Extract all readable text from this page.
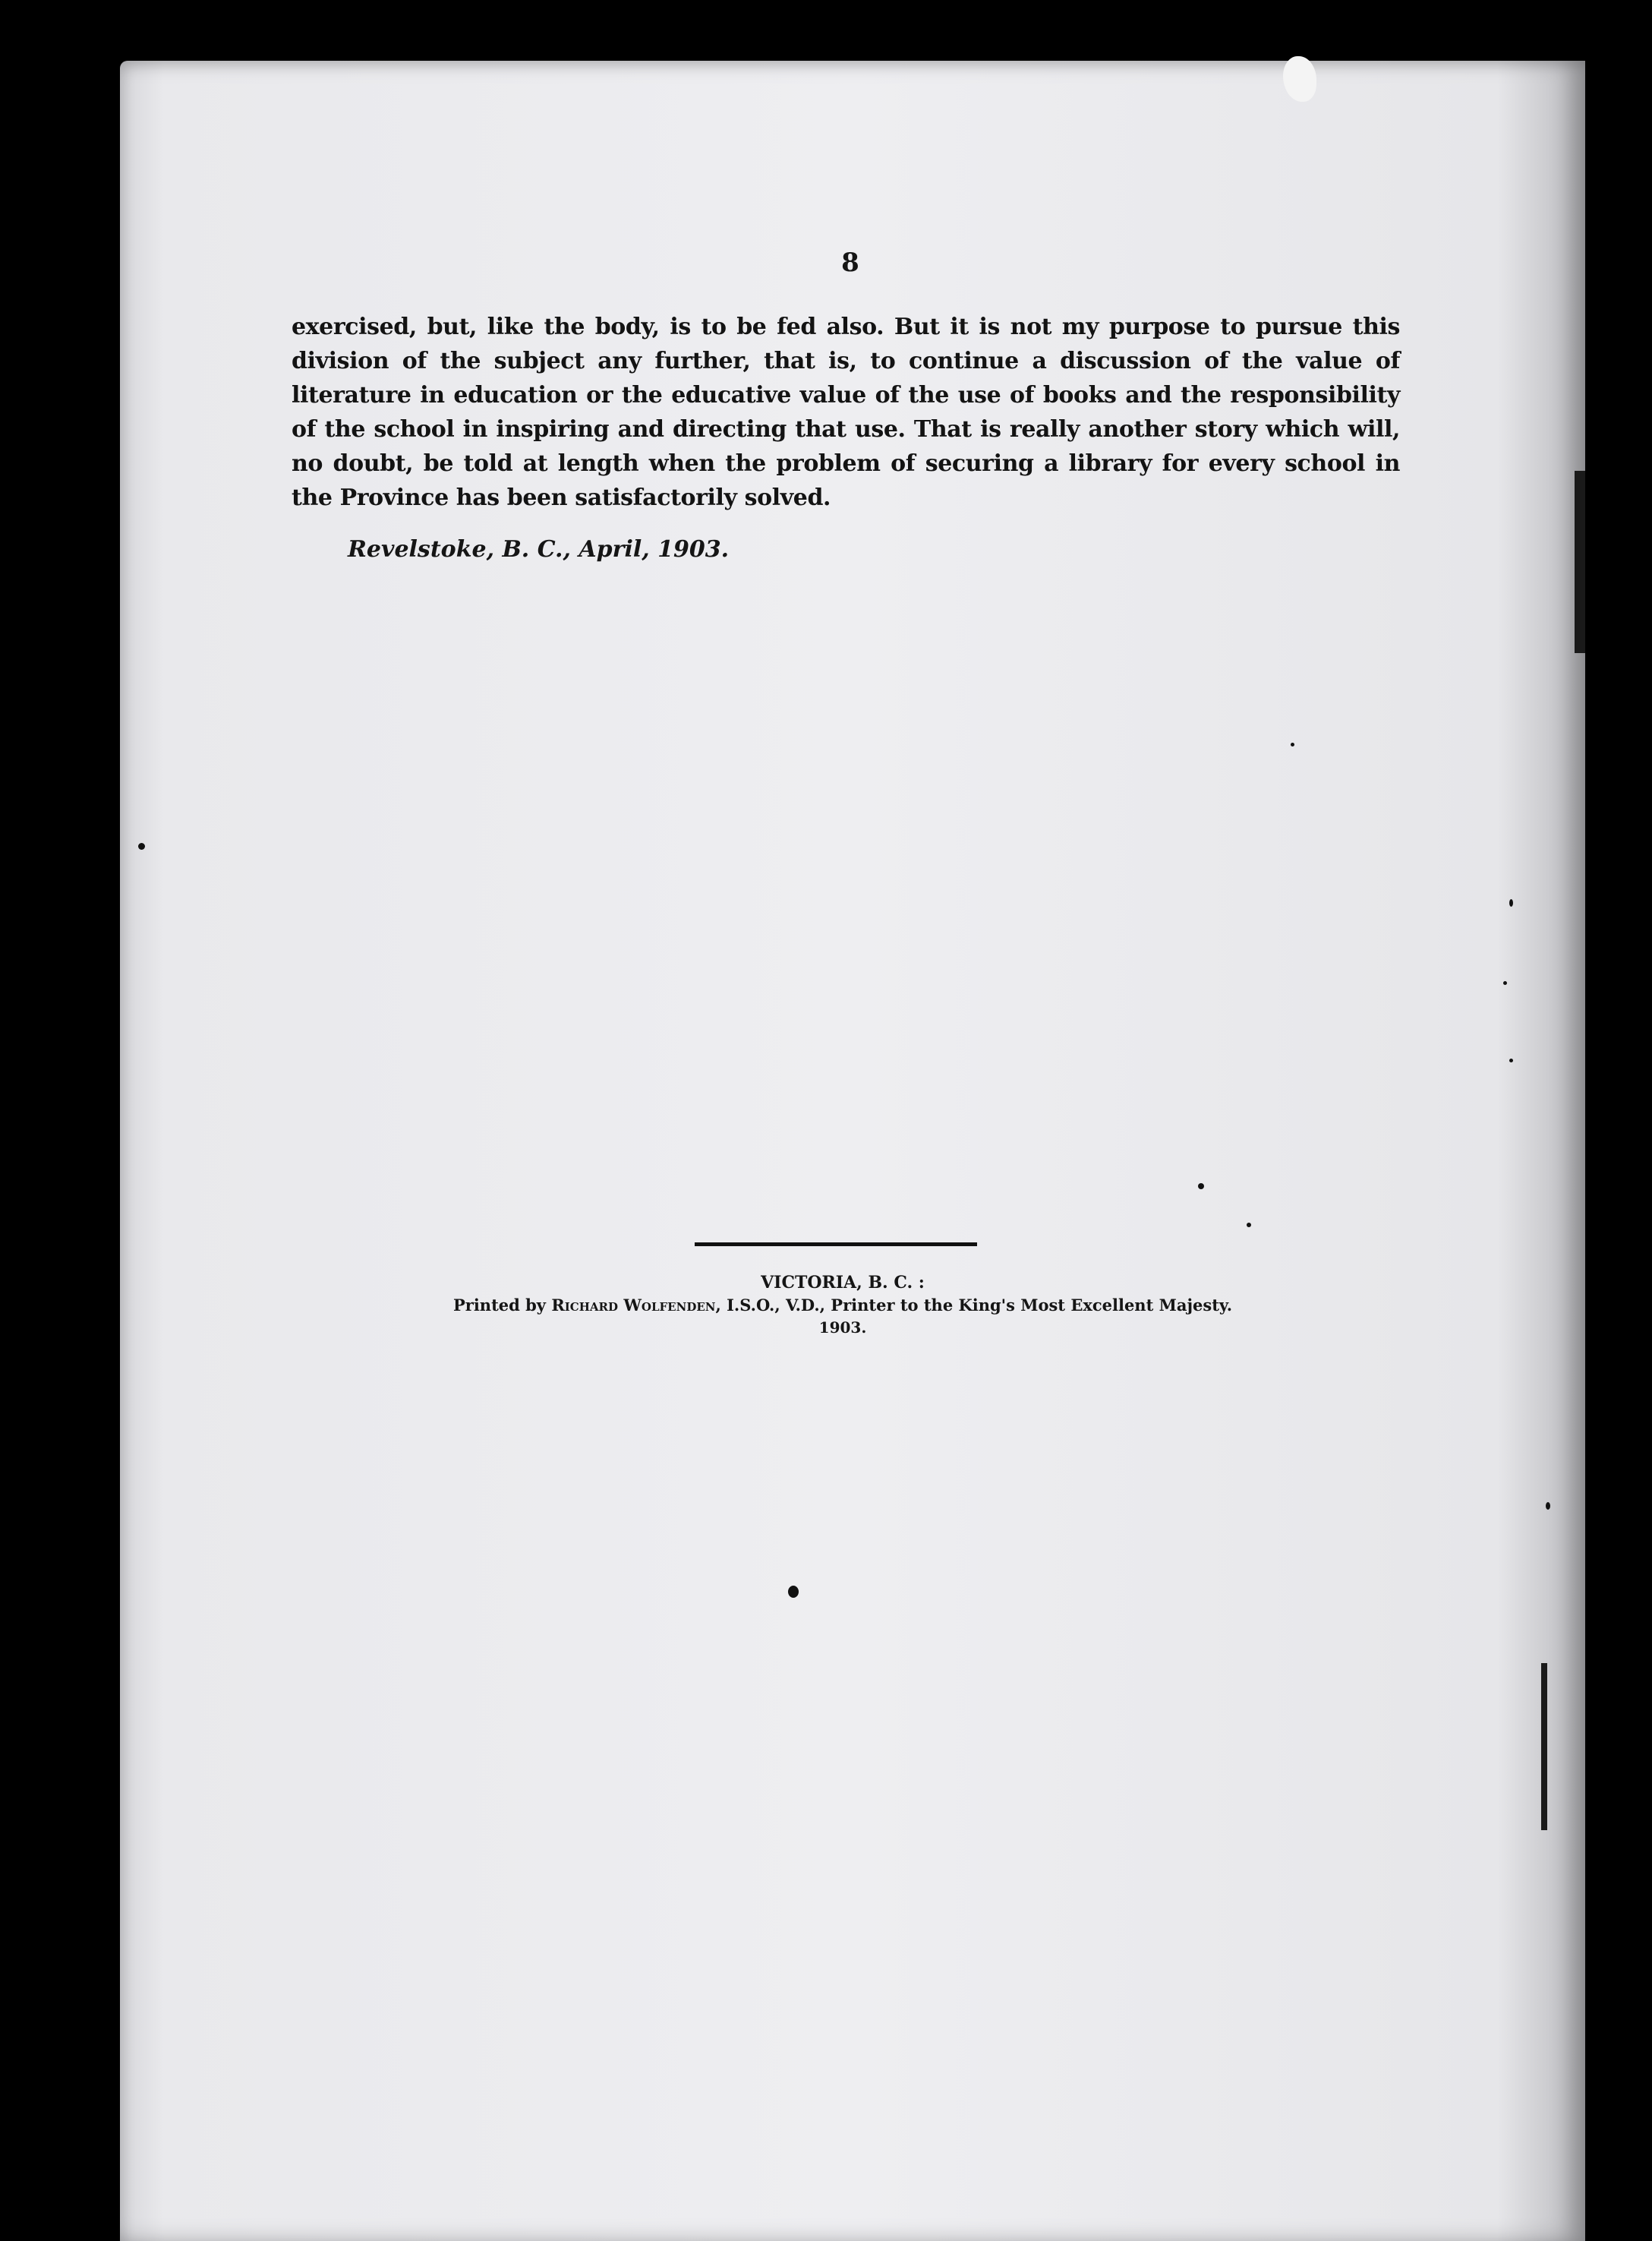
8
exercised, but, like the body, is to be fed also. But it is not my purpose to pursue this division of the subject any further, that is, to continue a discussion of the value of literature in education or the educative value of the use of books and the responsibility of the school in inspiring and directing that use. That is really another story which will, no doubt, be told at length when the problem of securing a library for every school in the Province has been satisfactorily solved.
Revelstoke, B. C., April, 1903.
VICTORIA, B. C. :
Printed by Richard Wolfenden, I.S.O., V.D., Printer to the King's Most Excellent Majesty.
1903.
